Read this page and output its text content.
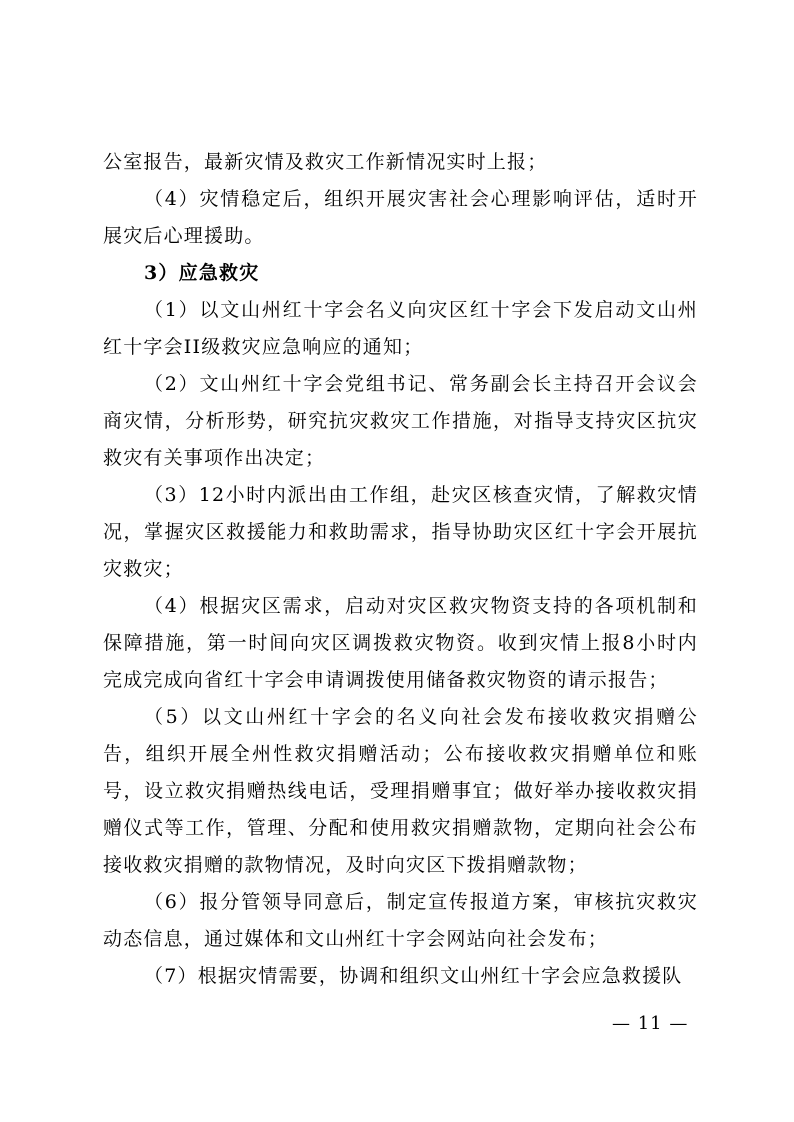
公室报告，最新灾情及救灾工作新情况实时上报；

（4）灾情稳定后，组织开展灾害社会心理影响评估，适时开展灾后心理援助。

3）应急救灾

（1）以文山州红十字会名义向灾区红十字会下发启动文山州红十字会II级救灾应急响应的通知；

（2）文山州红十字会党组书记、常务副会长主持召开会议会商灾情，分析形势，研究抗灾救灾工作措施，对指导支持灾区抗灾救灾有关事项作出决定；

（3）12小时内派出由工作组，赴灾区核查灾情，了解救灾情况，掌握灾区救援能力和救助需求，指导协助灾区红十字会开展抗灾救灾；

（4）根据灾区需求，启动对灾区救灾物资支持的各项机制和保障措施，第一时间向灾区调拨救灾物资。收到灾情上报8小时内完成完成向省红十字会申请调拨使用储备救灾物资的请示报告；

（5）以文山州红十字会的名义向社会发布接收救灾捐赠公告，组织开展全州性救灾捐赠活动；公布接收救灾捐赠单位和账号，设立救灾捐赠热线电话，受理捐赠事宜；做好举办接收救灾捐赠仪式等工作，管理、分配和使用救灾捐赠款物，定期向社会公布接收救灾捐赠的款物情况，及时向灾区下拨捐赠款物；

（6）报分管领导同意后，制定宣传报道方案，审核抗灾救灾动态信息，通过媒体和文山州红十字会网站向社会发布；

（7）根据灾情需要，协调和组织文山州红十字会应急救援队

— 11 —
